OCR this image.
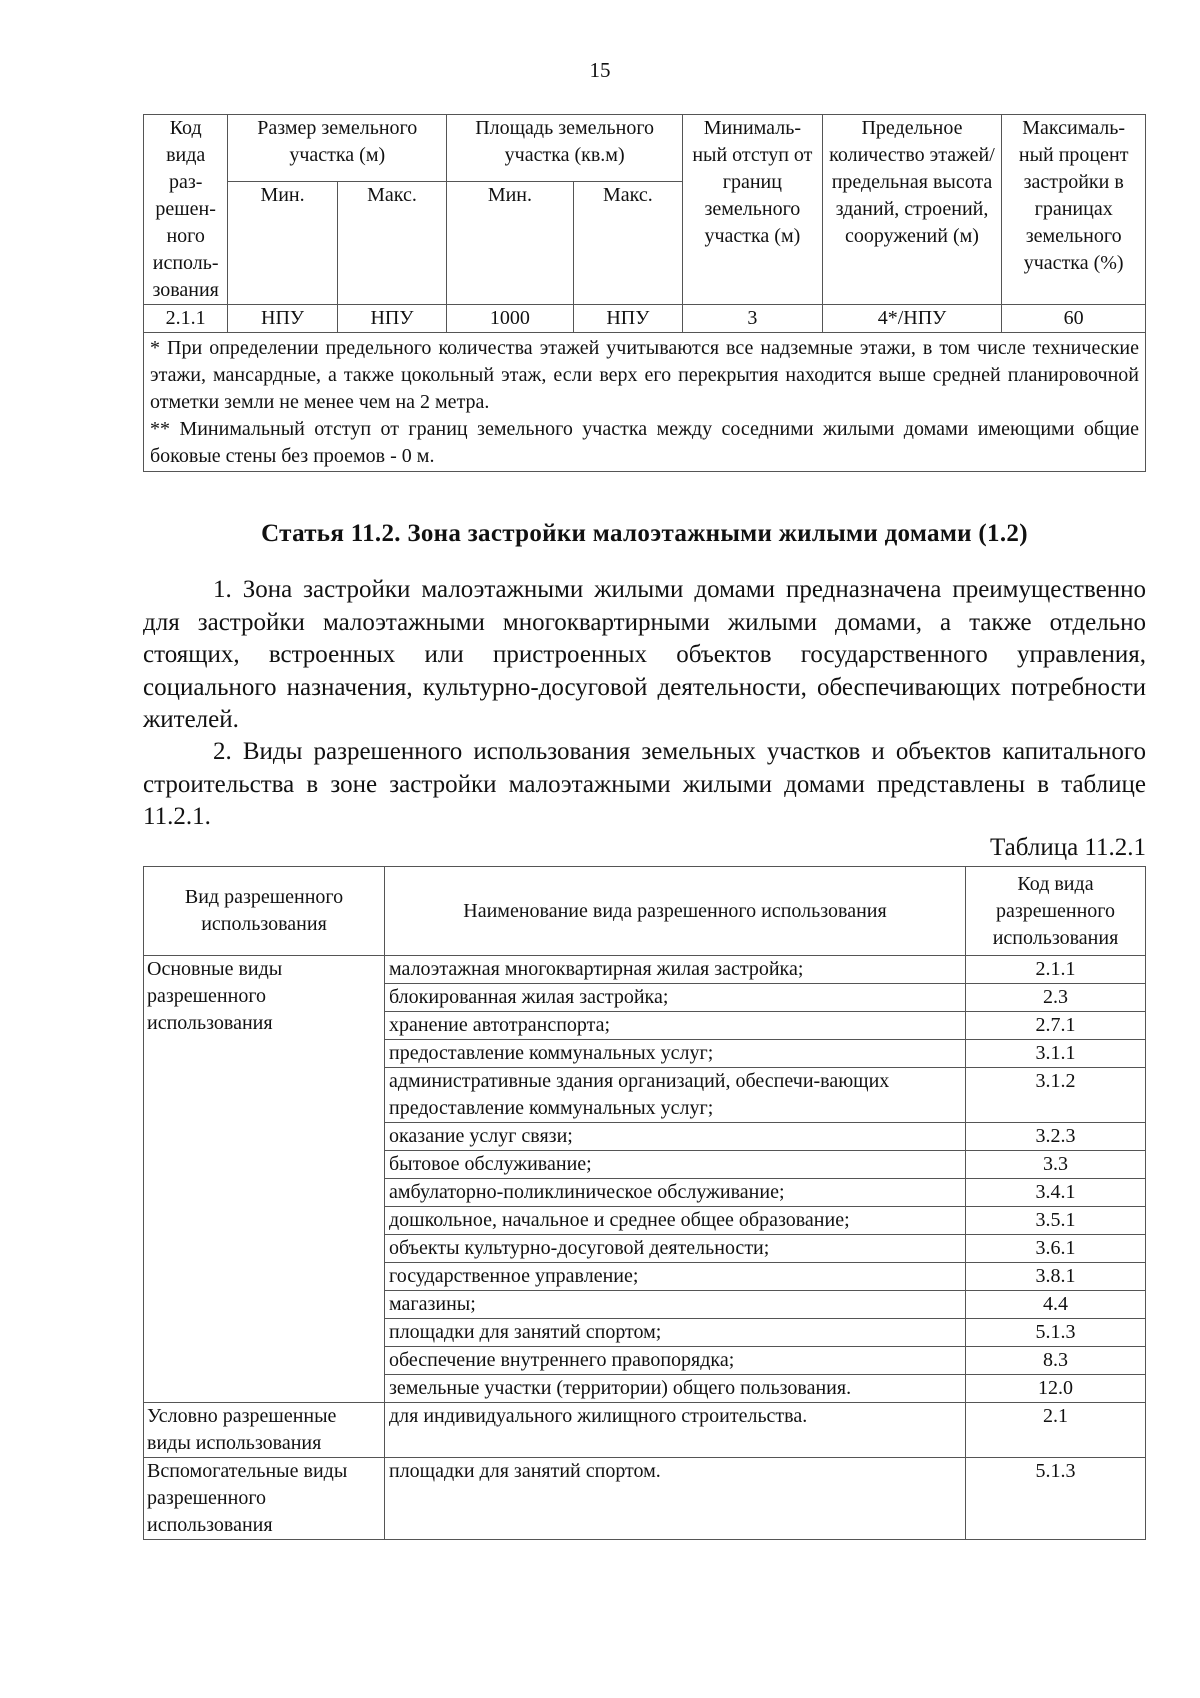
15
Код вида раз-решен-ного исполь-зования	Размер земельного участка (м)		Площадь земельного участка (кв.м)		Минималь-ный отступ от границ земельного участка (м)	Предельное количество этажей/ предельная высота зданий, строений, сооружений (м)	Максималь-ный процент застройки в границах земельного участка (%)
	Мин.	Макс.	Мин.	Макс.			
2.1.1	НПУ	НПУ	1000	НПУ	3	4*/НПУ	60

* При определении предельного количества этажей учитываются все надземные этажи, в том числе технические этажи, мансардные, а также цокольный этаж, если верх его перекрытия находится выше средней планировочной отметки земли не менее чем на 2 метра.

** Минимальный отступ от границ земельного участка между соседними жилыми домами имеющими общие боковые стены без проемов - 0 м.							

Статья 11.2. Зона застройки малоэтажными жилыми домами (1.2)

1. Зона застройки малоэтажными жилыми домами предназначена преимущественно для застройки малоэтажными многоквартирными жилыми домами, а также отдельно стоящих, встроенных или пристроенных объектов государственного управления, социального назначения, культурно-досуговой деятельности, обеспечивающих потребности жителей.

2. Виды разрешенного использования земельных участков и объектов капитального строительства в зоне застройки малоэтажными жилыми домами представлены в таблице 11.2.1.

Таблица 11.2.1
Вид разрешенного использования	Наименование вида разрешенного использования	Код вида разрешенного использования
Основные виды разрешенного использования	малоэтажная многоквартирная жилая застройка;	2.1.1
	блокированная жилая застройка;	2.3
	хранение автотранспорта;	2.7.1
	предоставление коммунальных услуг;	3.1.1
	административные здания организаций, обеспечи-вающих предоставление коммунальных услуг;	3.1.2
	оказание услуг связи;	3.2.3
	бытовое обслуживание;	3.3
	амбулаторно-поликлиническое обслуживание;	3.4.1
	дошкольное, начальное и среднее общее образование;	3.5.1
	объекты культурно-досуговой деятельности;	3.6.1
	государственное управление;	3.8.1
	магазины;	4.4
	площадки для занятий спортом;	5.1.3
	обеспечение внутреннего правопорядка;	8.3
	земельные участки (территории) общего пользования.	12.0
Условно разрешенные виды использования	для индивидуального жилищного строительства.	2.1
Вспомогательные виды разрешенного использования	площадки для занятий спортом.	5.1.3
